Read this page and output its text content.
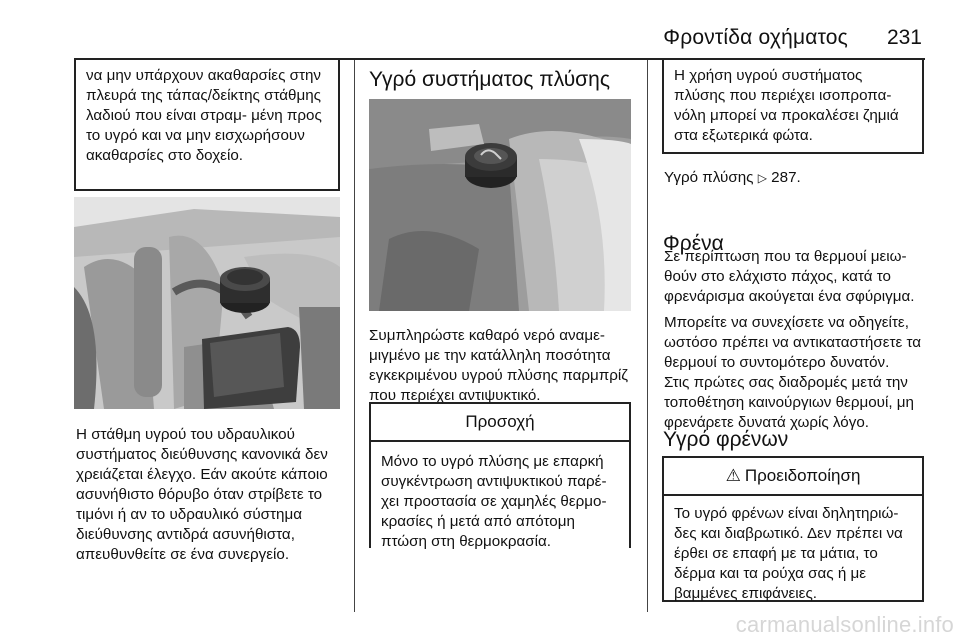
Φροντίδα οχήματος 231
να μην υπάρχουν ακαθαρσίες στην πλευρά της τάπας/δείκτης στάθμης λαδιού που είναι στραμ- μένη προς το υγρό και να μην εισχωρήσουν ακαθαρσίες στο δοχείο.

Η στάθμη υγρού του υδραυλικού συστήματος διεύθυνσης κανονικά δεν χρειάζεται έλεγχο. Εάν ακούτε κάποιο ασυνήθιστο θόρυβο όταν στρίβετε το τιμόνι ή αν το υδραυλικό σύστημα διεύθυνσης αντιδρά ασυνήθιστα, απευθυνθείτε σε ένα συνεργείο.

Υγρό συστήματος πλύσης

Συμπληρώστε καθαρό νερό αναμε- μιγμένο με την κατάλληλη ποσότητα εγκεκριμένου υγρού πλύσης παρμπρίζ που περιέχει αντιψυκτικό.

Προσοχή
Μόνο το υγρό πλύσης με επαρκή συγκέντρωση αντιψυκτικού παρέ- χει προστασία σε χαμηλές θερμο- κρασίες ή μετά από απότομη πτώση στη θερμοκρασία.
Η χρήση υγρού συστήματος πλύσης που περιέχει ισοπροπα- νόλη μπορεί να προκαλέσει ζημιά στα εξωτερικά φώτα.

Υγρό πλύσης ▷ 287.

Φρένα

Σε περίπτωση που τα θερμουί μειω- θούν στο ελάχιστο πάχος, κατά το φρενάρισμα ακούγεται ένα σφύριγμα.

Μπορείτε να συνεχίσετε να οδηγείτε, ωστόσο πρέπει να αντικαταστήσετε τα θερμουί το συντομότερο δυνατόν.

Στις πρώτες σας διαδρομές μετά την τοποθέτηση καινούργιων θερμουί, μη φρενάρετε δυνατά χωρίς λόγο.

Υγρό φρένων
⚠ Προειδοποίηση
Το υγρό φρένων είναι δηλητηριώ- δες και διαβρωτικό. Δεν πρέπει να έρθει σε επαφή με τα μάτια, το δέρμα και τα ρούχα σας ή με βαμμένες επιφάνειες.
carmanualsonline.info
